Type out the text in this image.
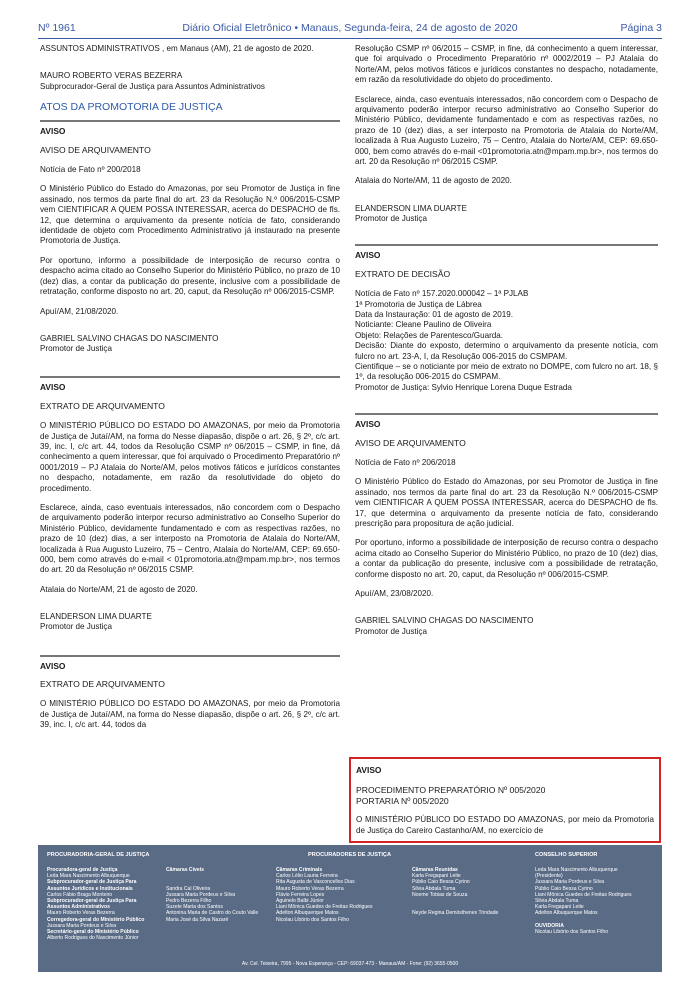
Nº 1961	Diário Oficial Eletrônico • Manaus, Segunda-feira, 24 de agosto de 2020	Página 3

ASSUNTOS ADMINISTRATIVOS , em Manaus (AM), 21 de agosto de 2020.

MAURO ROBERTO VERAS BEZERRA
Subprocurador-Geral de Justiça para Assuntos Administrativos
ATOS DA PROMOTORIA DE JUSTIÇA
AVISO
AVISO DE ARQUIVAMENTO

Notícia de Fato nº 200/2018

O Ministério Público do Estado do Amazonas, por seu Promotor de Justiça in fine assinado, nos termos da parte final do art. 23 da Resolução N.º 006/2015-CSMP vem CIENTIFICAR A QUEM POSSA INTERESSAR, acerca do DESPACHO de fls. 12, que determina o arquivamento da presente notícia de fato, considerando identidade de objeto com Procedimento Administrativo já instaurado na presente Promotoria de Justiça.

Por oportuno, informo a possibilidade de interposição de recurso contra o despacho acima citado ao Conselho Superior do Ministério Público, no prazo de 10 (dez) dias, a contar da publicação do presente, inclusive com a possibilidade de retratação, conforme disposto no art. 20, caput, da Resolução nº 006/2015-CSMP.

Apuí/AM, 21/08/2020.

GABRIEL SALVINO CHAGAS DO NASCIMENTO
Promotor de Justiça
AVISO
EXTRATO DE ARQUIVAMENTO

O MINISTÉRIO PÚBLICO DO ESTADO DO AMAZONAS, por meio da Promotoria de Justiça de Jutaí/AM, na forma do Nesse diapasão, dispõe o art. 26, § 2º, c/c art. 39, inc. I, c/c art. 44, todos da Resolução CSMP nº 06/2015 – CSMP, in fine, dá conhecimento a quem interessar, que foi arquivado o Procedimento Preparatório nº 0001/2019 – PJ Atalaia do Norte/AM, pelos motivos fáticos e jurídicos constantes no despacho, notadamente, em razão da resolutividade do objeto do procedimento.

Esclarece, ainda, caso eventuais interessados, não concordem com o Despacho de arquivamento poderão interpor recurso administrativo ao Conselho Superior do Ministério Público, devidamente fundamentado e com as respectivas razões, no prazo de 10 (dez) dias, a ser interposto na Promotoria de Atalaia do Norte/AM, localizada à Rua Augusto Luzeiro, 75 – Centro, Atalaia do Norte/AM, CEP: 69.650-000, bem como através do e-mail < 01promotoria.atn@mpam.mp.br>, nos termos do art. 20 da Resolução nº 06/2015 CSMP.

Atalaia do Norte/AM, 21 de agosto de 2020.

ELANDERSON LIMA DUARTE
Promotor de Justiça
AVISO
EXTRATO DE ARQUIVAMENTO

O MINISTÉRIO PÚBLICO DO ESTADO DO AMAZONAS, por meio da Promotoria de Justiça de Jutaí/AM, na forma do Nesse diapasão, dispõe o art. 26, § 2º, c/c art. 39, inc. I, c/c art. 44, todos da

Resolução CSMP nº 06/2015 – CSMP, in fine, dá conhecimento a quem interessar, que foi arquivado o Procedimento Preparatório nº 0002/2019 – PJ Atalaia do Norte/AM, pelos motivos fáticos e jurídicos constantes no despacho, notadamente, em razão da resolutividade do objeto do procedimento.

Esclarece, ainda, caso eventuais interessados, não concordem com o Despacho de arquivamento poderão interpor recurso administrativo ao Conselho Superior do Ministério Público, devidamente fundamentado e com as respectivas razões, no prazo de 10 (dez) dias, a ser interposto na Promotoria de Atalaia do Norte/AM, localizada à Rua Augusto Luzeiro, 75 – Centro, Atalaia do Norte/AM, CEP: 69.650-000, bem como através do e-mail <01promotoria.atn@mpam.mp.br>, nos termos do art. 20 da Resolução nº 06/2015 CSMP.

Atalaia do Norte/AM, 11 de agosto de 2020.

ELANDERSON LIMA DUARTE
Promotor de Justiça
AVISO
EXTRATO DE DECISÃO
Notícia de Fato nº 157.2020.000042 – 1ª PJLAB
1ª Promotoria de Justiça de Lábrea
Data da Instauração: 01 de agosto de 2019.
Noticiante: Cleane Paulino de Oliveira
Objeto: Relações de Parentesco/Guarda.
Decisão: Diante do exposto, determino o arquivamento da presente notícia, com fulcro no art. 23-A, I, da Resolução 006-2015 do CSMPAM.
Cientifique – se o noticiante por meio de extrato no DOMPE, com fulcro no art. 18, § 1º, da resolução 006-2015 do CSMPAM.
Promotor de Justiça: Sylvio Henrique Lorena Duque Estrada
AVISO
AVISO DE ARQUIVAMENTO

Notícia de Fato nº 206/2018

O Ministério Público do Estado do Amazonas, por seu Promotor de Justiça in fine assinado, nos termos da parte final do art. 23 da Resolução N.º 006/2015-CSMP vem CIENTIFICAR A QUEM POSSA INTERESSAR, acerca do DESPACHO de fls. 17, que determina o arquivamento da presente notícia de fato, considerando prescrição para propositura de ação judicial.

Por oportuno, informo a possibilidade de interposição de recurso contra o despacho acima citado ao Conselho Superior do Ministério Público, no prazo de 10 (dez) dias, a contar da publicação do presente, inclusive com a possibilidade de retratação, conforme disposto no art. 20, caput, da Resolução nº 006/2015-CSMP.

Apuí/AM, 23/08/2020.

GABRIEL SALVINO CHAGAS DO NASCIMENTO
Promotor de Justiça
AVISO
PROCEDIMENTO PREPARATÓRIO Nº 005/2020
PORTARIA Nº 005/2020
O MINISTÉRIO PÚBLICO DO ESTADO DO AMAZONAS, por meio da Promotoria de Justiça do Careiro Castanho/AM, no exercício de
PROCURADORIA-GERAL DE JUSTIÇA	PROCURADORES DE JUSTIÇA	CONSELHO SUPERIOR
Procuradora-geral de Justiça
Leda Mara Nascimento Albuquerque
Subprocurador-geral de Justiça Para
Assuntos Jurídicos e Institucionais
Carlos Fábio Braga Monteiro
Subprocurador-geral de Justiça Para
Assuntos Administrativos
Mauro Roberto Veras Bezerra
Corregedora-geral do Ministério Público
Jussara Maria Pordeus e Silva
Secretário-geral do Ministério Público
Alberto Rodrigues do Nascimento Júnior
Câmaras Cíveis

Sandra Cal Oliveira
Jussara Maria Pordeus e Silva
Pedro Bezerra Filho
Suzete Maria dos Santos
Antonina Maria de Castro do Couto Valle
Maria José da Silva Nazaré
Câmaras Criminais
Carlos Lélio Lauria Ferreira
Rita Augusta de Vasconcellos Dias
Mauro Roberto Veras Bezerra
Flávio Ferreira Lopes
Aguinelo Balbi Júnior
Liani Mônica Guedes de Freitas Rodrigues
Adelton Albuquerque Matos
Nicolau Libório dos Santos Filho
Câmaras Reunidas
Karla Fregapani Leite
Públio Caio Bessa Cyrino
Silvia Abdala Tuma
Noeme Tobias de Souza

Neyde Regina Demósthenes Trindade
Leda Mara Nascimento Albuquerque
(Presidente)
Jussara Maria Pordeus e Silva
Públio Caio Bessa Cyrino
Liani Mônica Guedes de Freitas Rodrigues
Silvia Abdala Tuma
Karla Fregapani Leite
Adelton Albuquerque Matos

OUVIDORIA
Nicolau Libório dos Santos Filho
Av. Cel. Teixeira, 7995 - Nova Esperança - CEP: 69037-473 - Manaus/AM - Fone: (92) 3655-0500
